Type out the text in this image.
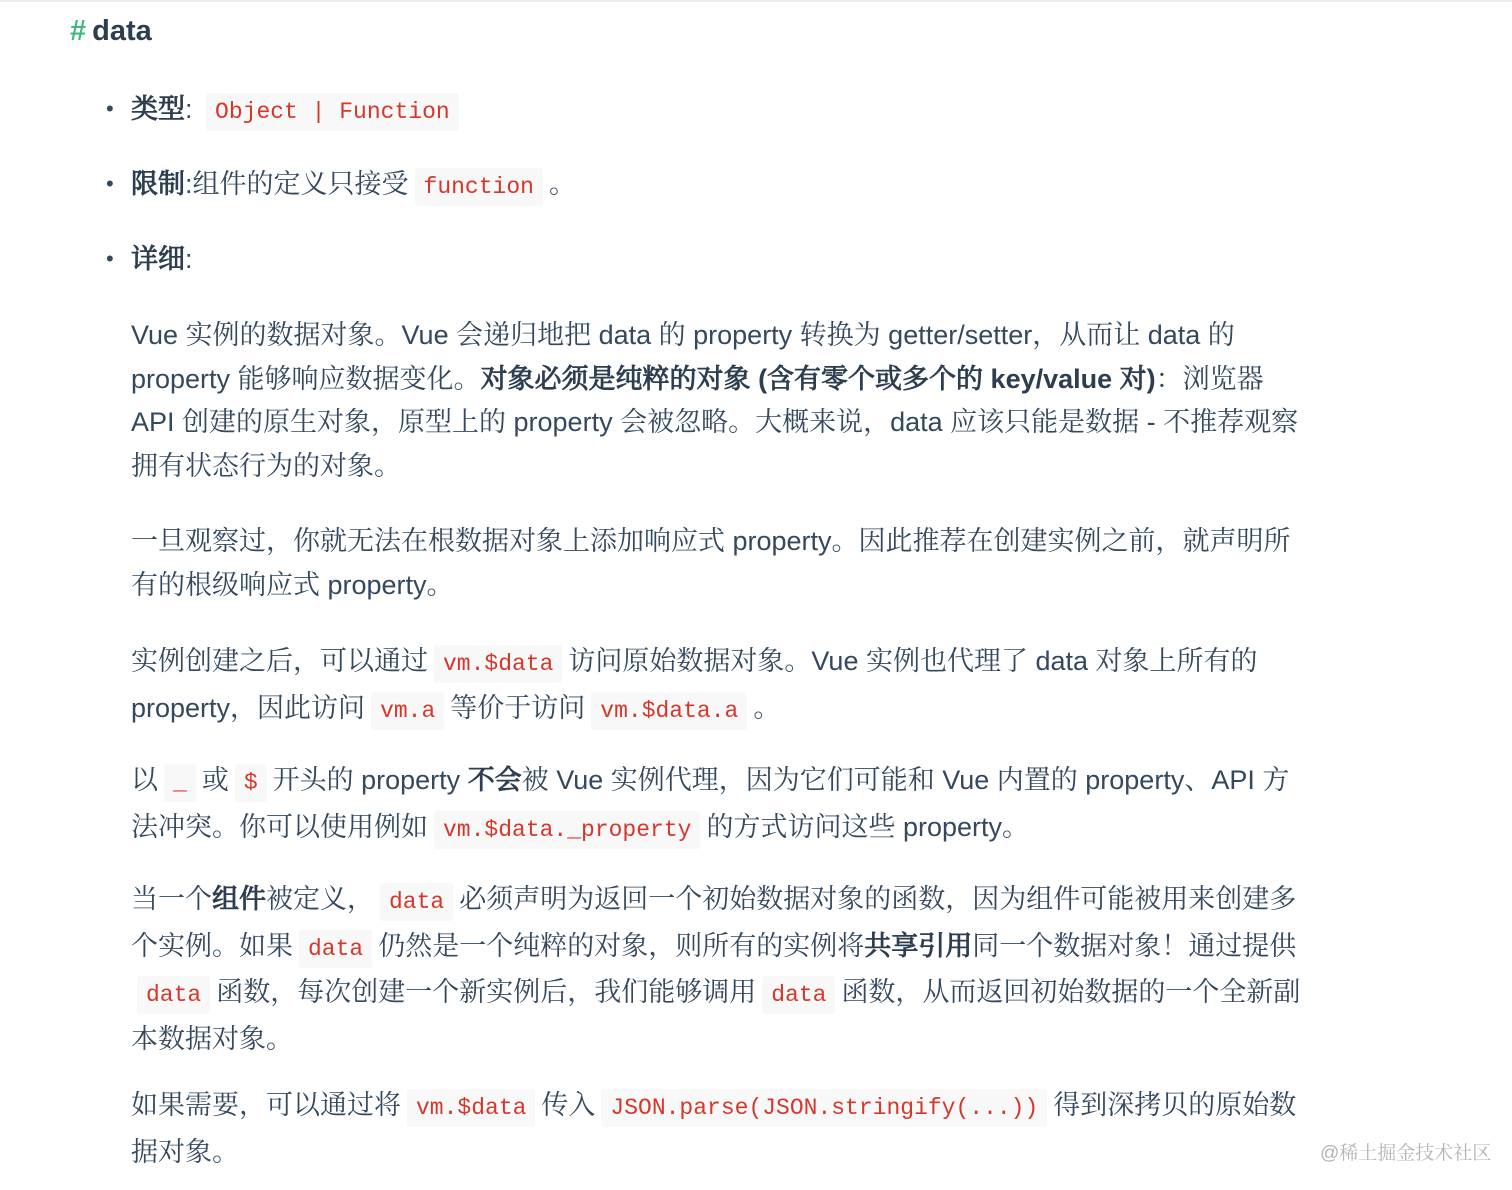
# data
• 类型: Object | Function
• 限制:组件的定义只接受 function 。
• 详细:

Vue 实例的数据对象。Vue 会递归地把 data 的 property 转换为 getter/setter，从而让 data 的 property 能够响应数据变化。对象必须是纯粹的对象 (含有零个或多个的 key/value 对)：浏览器 API 创建的原生对象，原型上的 property 会被忽略。大概来说，data 应该只能是数据 - 不推荐观察拥有状态行为的对象。

一旦观察过，你就无法在根数据对象上添加响应式 property。因此推荐在创建实例之前，就声明所有的根级响应式 property。

实例创建之后，可以通过 vm.$data 访问原始数据对象。Vue 实例也代理了 data 对象上所有的 property，因此访问 vm.a 等价于访问 vm.$data.a 。

以 _ 或 $ 开头的 property 不会被 Vue 实例代理，因为它们可能和 Vue 内置的 property、API 方法冲突。你可以使用例如 vm.$data._property 的方式访问这些 property。

当一个组件被定义， data 必须声明为返回一个初始数据对象的函数，因为组件可能被用来创建多个实例。如果 data 仍然是一个纯粹的对象，则所有的实例将共享引用同一个数据对象！通过提供data 函数，每次创建一个新实例后，我们能够调用 data 函数，从而返回初始数据的一个全新副本数据对象。

如果需要，可以通过将 vm.$data 传入 JSON.parse(JSON.stringify(...)) 得到深拷贝的原始数据对象。	@稀土掘金技术社区
